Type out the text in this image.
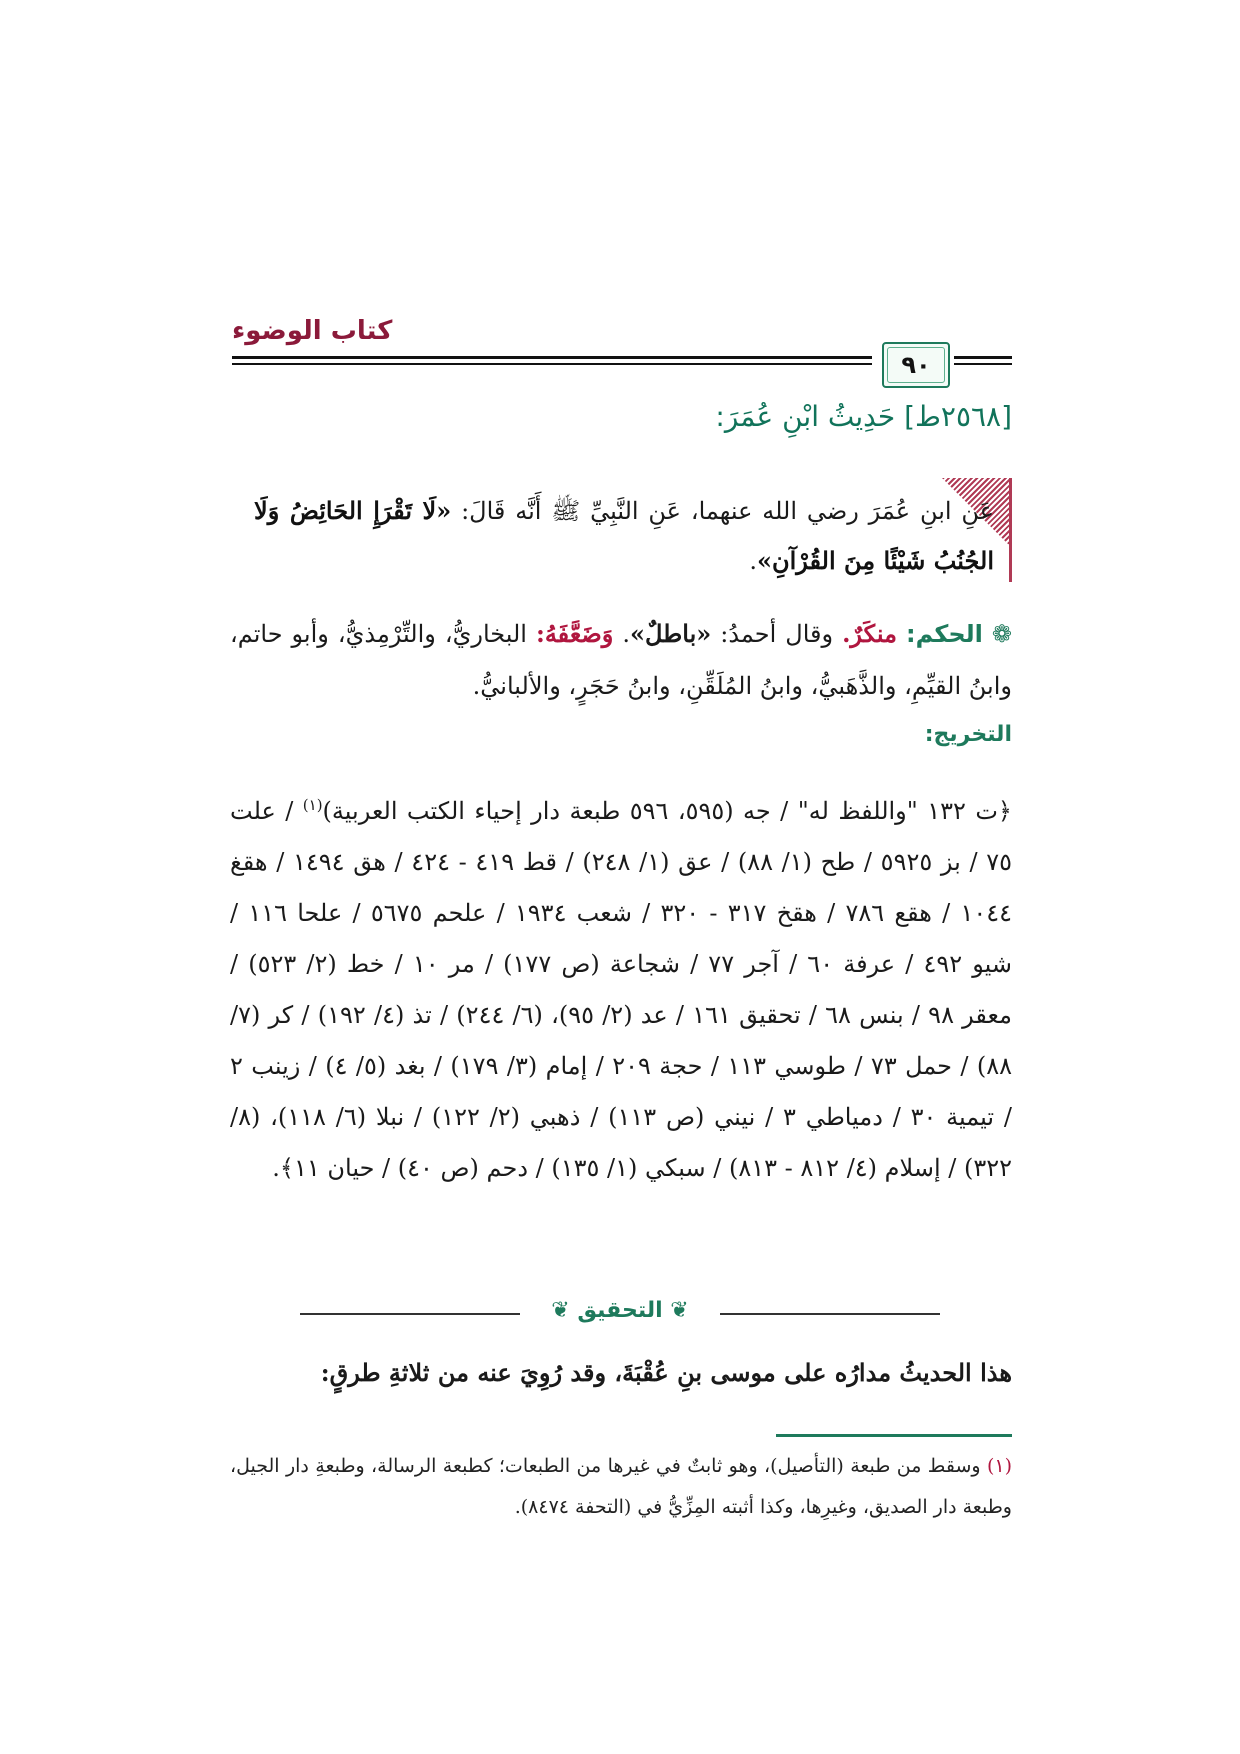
كتاب الوضوء
٩٠
[٢٥٦٨ط] حَدِيثُ ابْنِ عُمَرَ:
عَنِ ابنِ عُمَرَ رضي الله عنهما، عَنِ النَّبِيِّ ﷺ أَنَّه قَالَ: «لَا تَقْرَإِ الحَائِضُ وَلَا الجُنُبُ شَيْئًا مِنَ القُرْآنِ».
❁ الحكم: منكَرٌ. وقال أحمدُ: «باطلٌ». وَضَعَّفَهُ: البخاريُّ، والتِّرْمِذيُّ، وأبو حاتم، وابنُ القيِّمِ، والذَّهَبيُّ، وابنُ المُلَقِّنِ، وابنُ حَجَرٍ، والألبانيُّ.
التخريج:
﴿ت ١٣٢ "واللفظ له" / جه (٥٩٥، ٥٩٦ طبعة دار إحياء الكتب العربية)$^{(١)}$ / علت ٧٥ / بز ٥٩٢٥ / طح (١/ ٨٨) / عق (١/ ٢٤٨) / قط ٤١٩ - ٤٢٤ / هق ١٤٩٤ / هقغ ١٠٤٤ / هقع ٧٨٦ / هقخ ٣١٧ - ٣٢٠ / شعب ١٩٣٤ / علحم ٥٦٧٥ / علحا ١١٦ / شيو ٤٩٢ / عرفة ٦٠ / آجر ٧٧ / شجاعة (ص ١٧٧) / مر ١٠ / خط (٢/ ٥٢٣) / معقر ٩٨ / بنس ٦٨ / تحقيق ١٦١ / عد (٢/ ٩٥)، (٦/ ٢٤٤) / تذ (٤/ ١٩٢) / كر (٧/ ٨٨) / حمل ٧٣ / طوسي ١١٣ / حجة ٢٠٩ / إمام (٣/ ١٧٩) / بغد (٥/ ٤) / زينب ٢ / تيمية ٣٠ / دمياطي ٣ / نيني (ص ١١٣) / ذهبي (٢/ ١٢٢) / نبلا (٦/ ١١٨)، (٨/ ٣٢٢) / إسلام (٤/ ٨١٢ - ٨١٣) / سبكي (١/ ١٣٥) / دحم (ص ٤٠) / حيان ١١﴾.
❦ التحقيق ❦
هذا الحديثُ مدارُه على موسى بنِ عُقْبَةَ، وقد رُوِيَ عنه من ثلاثةِ طرقٍ:
(١) وسقط من طبعة (التأصيل)، وهو ثابتٌ في غيرها من الطبعات؛ كطبعة الرسالة، وطبعةِ دار الجيل، وطبعة دار الصديق، وغيرِها، وكذا أثبته المِزِّيُّ في (التحفة ٨٤٧٤).
